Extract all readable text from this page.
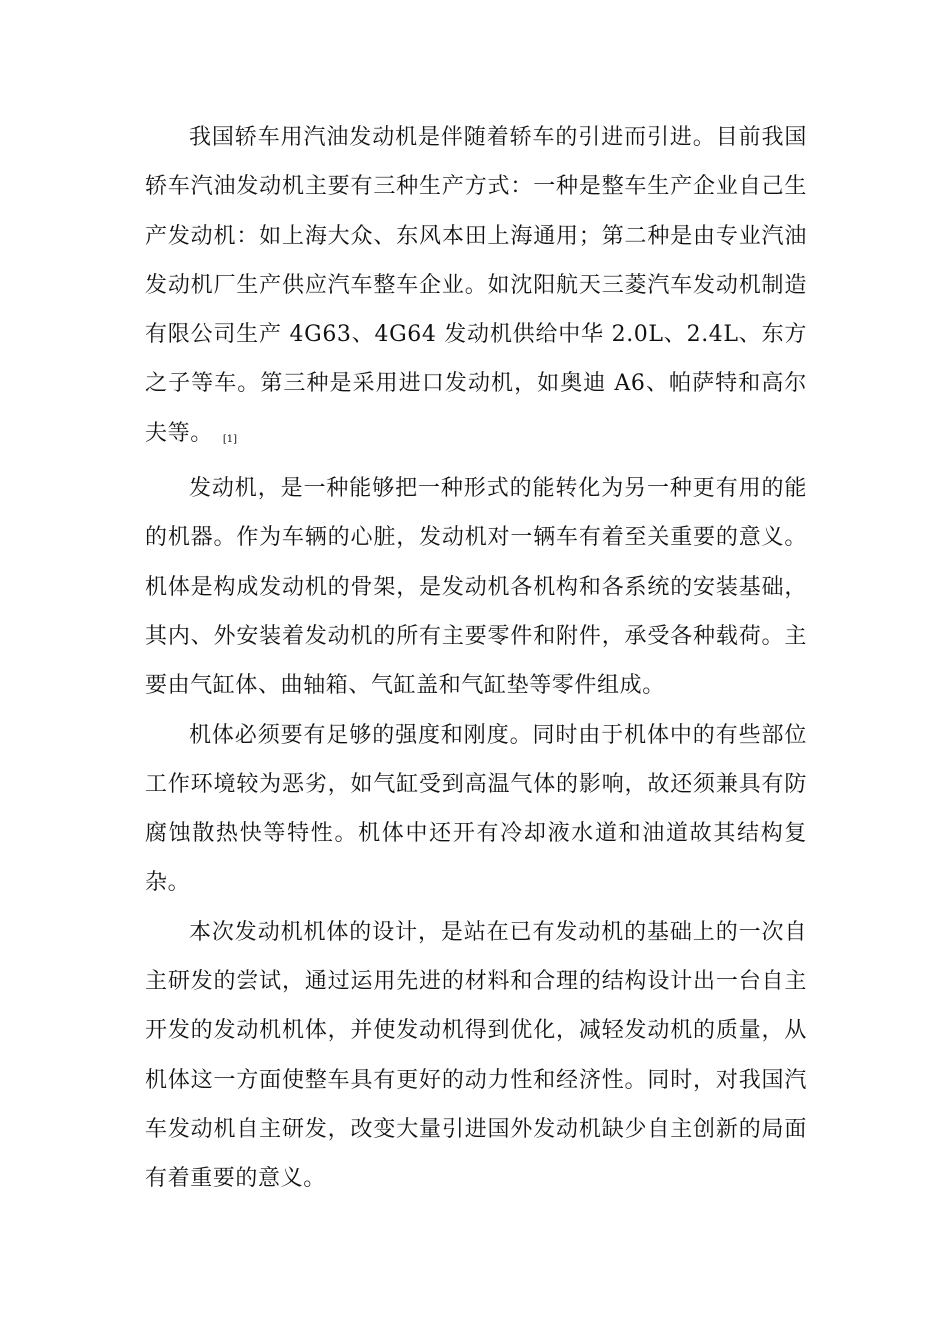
我国轿车用汽油发动机是伴随着轿车的引进而引进。目前我国轿车汽油发动机主要有三种生产方式：一种是整车生产企业自己生产发动机：如上海大众、东风本田上海通用；第二种是由专业汽油发动机厂生产供应汽车整车企业。如沈阳航天三菱汽车发动机制造有限公司生产 4G63、4G64 发动机供给中华 2.0L、2.4L、东方之子等车。第三种是采用进口发动机，如奥迪 A6、帕萨特和高尔夫等。 [1]

发动机，是一种能够把一种形式的能转化为另一种更有用的能的机器。作为车辆的心脏，发动机对一辆车有着至关重要的意义。机体是构成发动机的骨架，是发动机各机构和各系统的安装基础，其内、外安装着发动机的所有主要零件和附件，承受各种载荷。主要由气缸体、曲轴箱、气缸盖和气缸垫等零件组成。

机体必须要有足够的强度和刚度。同时由于机体中的有些部位工作环境较为恶劣，如气缸受到高温气体的影响，故还须兼具有防腐蚀散热快等特性。机体中还开有冷却液水道和油道故其结构复杂。

本次发动机机体的设计，是站在已有发动机的基础上的一次自主研发的尝试，通过运用先进的材料和合理的结构设计出一台自主开发的发动机机体，并使发动机得到优化，减轻发动机的质量，从机体这一方面使整车具有更好的动力性和经济性。同时，对我国汽车发动机自主研发，改变大量引进国外发动机缺少自主创新的局面有着重要的意义。
